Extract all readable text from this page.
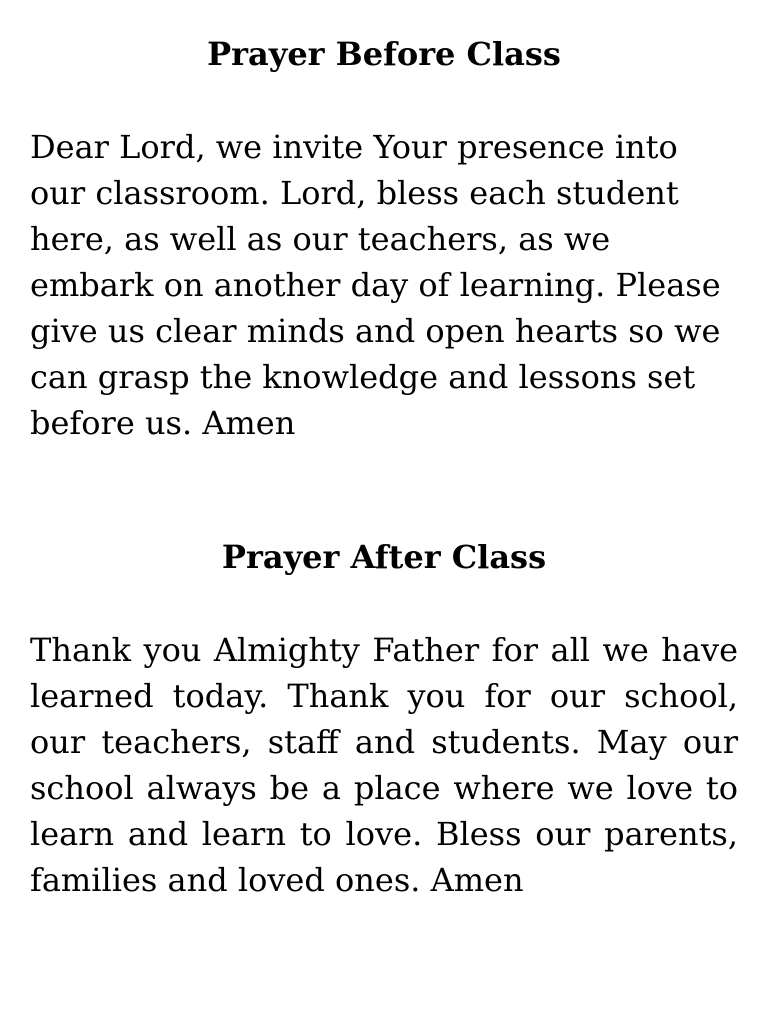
Prayer Before Class

Dear Lord, we invite Your presence into our classroom. Lord, bless each student here, as well as our teachers, as we embark on another day of learning. Please give us clear minds and open hearts so we can grasp the knowledge and lessons set before us. Amen

Prayer After Class

Thank you Almighty Father for all we have learned today. Thank you for our school, our teachers, staff and students. May our school always be a place where we love to learn and learn to love. Bless our parents, families and loved ones. Amen
